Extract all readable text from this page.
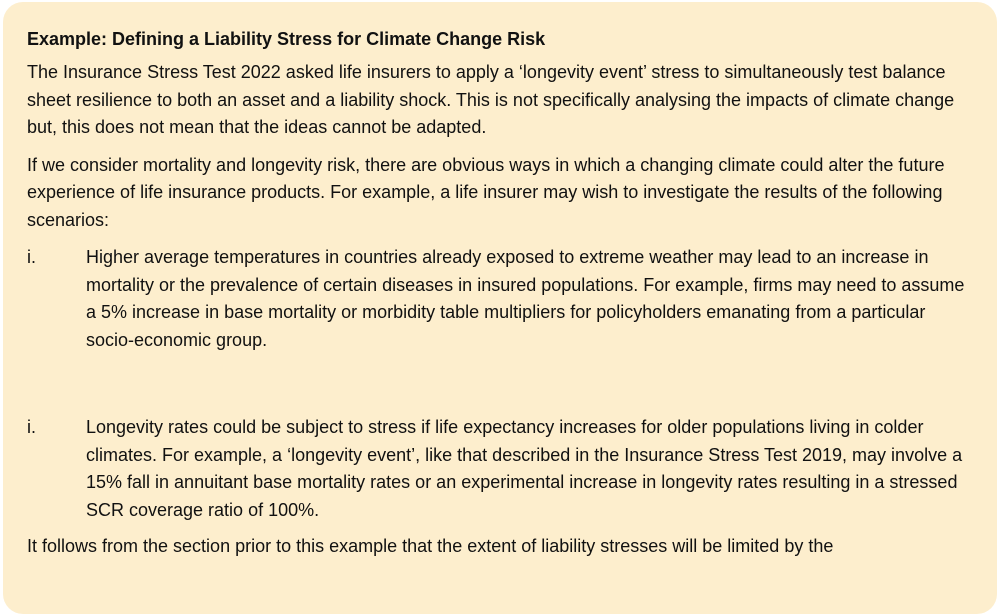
Example: Defining a Liability Stress for Climate Change Risk

The Insurance Stress Test 2022 asked life insurers to apply a ‘longevity event’ stress to simultaneously test balance sheet resilience to both an asset and a liability shock. This is not specifically analysing the impacts of climate change but, this does not mean that the ideas cannot be adapted.

If we consider mortality and longevity risk, there are obvious ways in which a changing climate could alter the future experience of life insurance products. For example, a life insurer may wish to investigate the results of the following scenarios:

i.	Higher average temperatures in countries already exposed to extreme weather may lead to an increase in mortality or the prevalence of certain diseases in insured populations. For example, firms may need to assume a 5% increase in base mortality or morbidity table multipliers for policyholders emanating from a particular socio-economic group.
i.	Longevity rates could be subject to stress if life expectancy increases for older populations living in colder climates. For example, a ‘longevity event’, like that described in the Insurance Stress Test 2019, may involve a 15% fall in annuitant base mortality rates or an experimental increase in longevity rates resulting in a stressed SCR coverage ratio of 100%.

It follows from the section prior to this example that the extent of liability stresses will be limited by the
